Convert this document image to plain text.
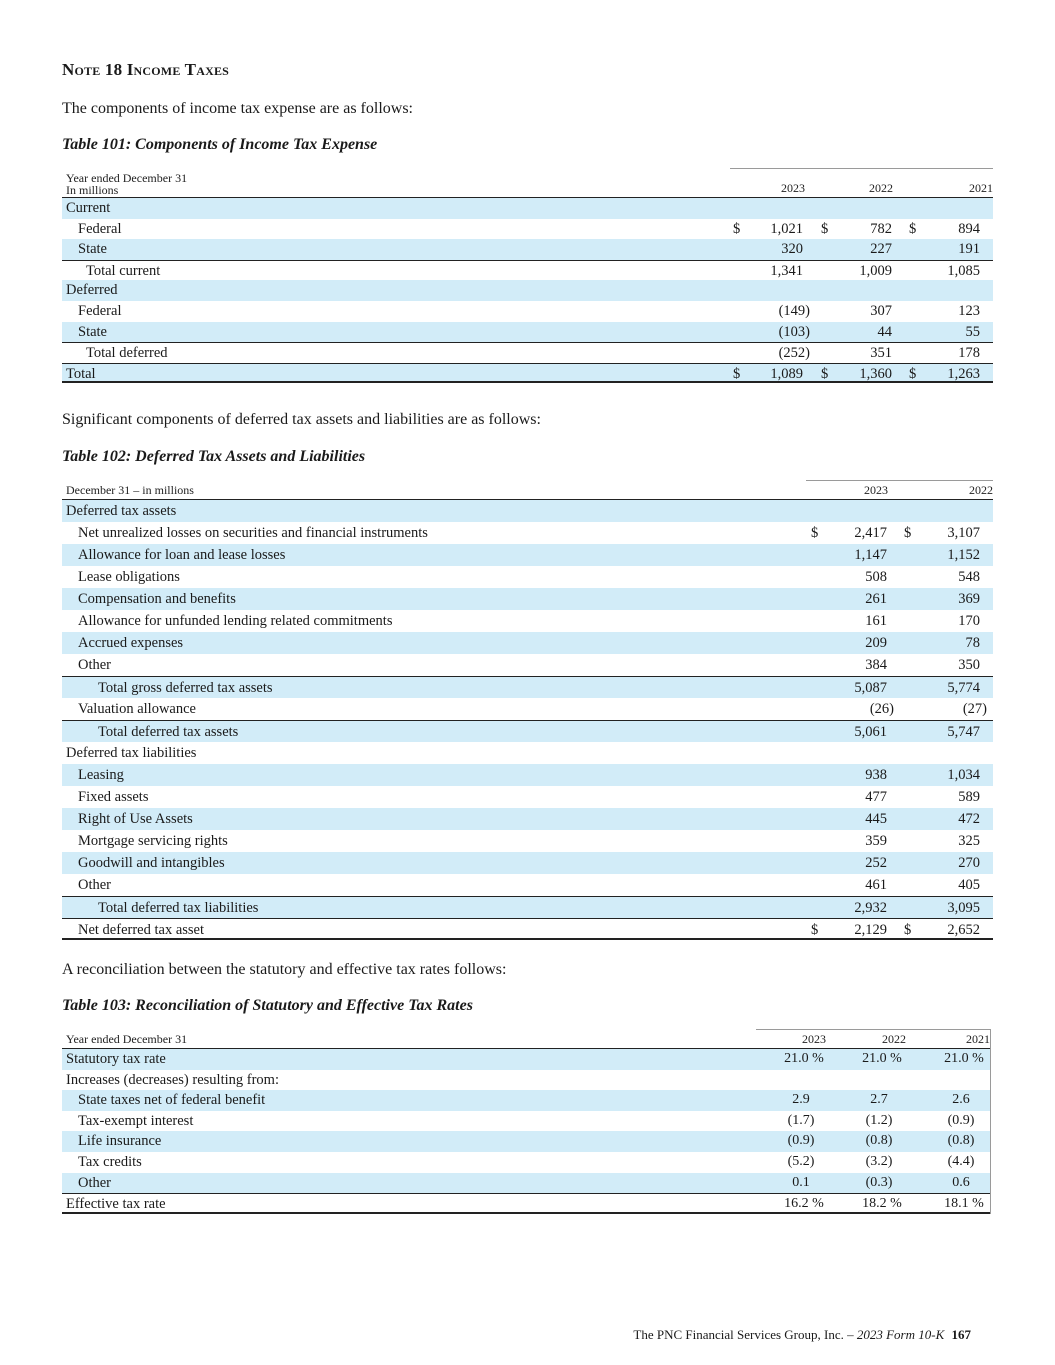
Note 18 Income Taxes
The components of income tax expense are as follows:
Table 101: Components of Income Tax Expense
Year ended December 31
In millions	2023	2022	2021
Current
Federal	$ 1,021 $	782 $	894
State	320	227	191
Total current	1,341	1,009	1,085
Deferred
Federal	(149)	307	123
State	(103)	44	55
Total deferred	(252)	351	178
Total	$ 1,089 $ 1,360 $ 1,263
Significant components of deferred tax assets and liabilities are as follows:
Table 102: Deferred Tax Assets and Liabilities
December 31 – in millions	2023	2022
Deferred tax assets
Net unrealized losses on securities and financial instruments	$ 2,417 $ 3,107
Allowance for loan and lease losses	1,147	1,152
Lease obligations	508	548
Compensation and benefits	261	369
Allowance for unfunded lending related commitments	161	170
Accrued expenses	209	78
Other	384	350
Total gross deferred tax assets	5,087	5,774
Valuation allowance	(26)	(27)
Total deferred tax assets	5,061	5,747
Deferred tax liabilities
Leasing	938	1,034
Fixed assets	477	589
Right of Use Assets	445	472
Mortgage servicing rights	359	325
Goodwill and intangibles	252	270
Other	461	405
Total deferred tax liabilities	2,932	3,095
Net deferred tax asset	$ 2,129 $ 2,652
A reconciliation between the statutory and effective tax rates follows:
Table 103: Reconciliation of Statutory and Effective Tax Rates
Year ended December 31	2023	2022	2021
Statutory tax rate	21.0 %	21.0 %	21.0 %
Increases (decreases) resulting from:
State taxes net of federal benefit	2.9	2.7	2.6
Tax-exempt interest	(1.7)	(1.2)	(0.9)
Life insurance	(0.9)	(0.8)	(0.8)
Tax credits	(5.2)	(3.2)	(4.4)
Other	0.1	(0.3)	0.6
Effective tax rate	16.2 %	18.2 %	18.1 %
The PNC Financial Services Group, Inc. – 2023 Form 10-K 167
